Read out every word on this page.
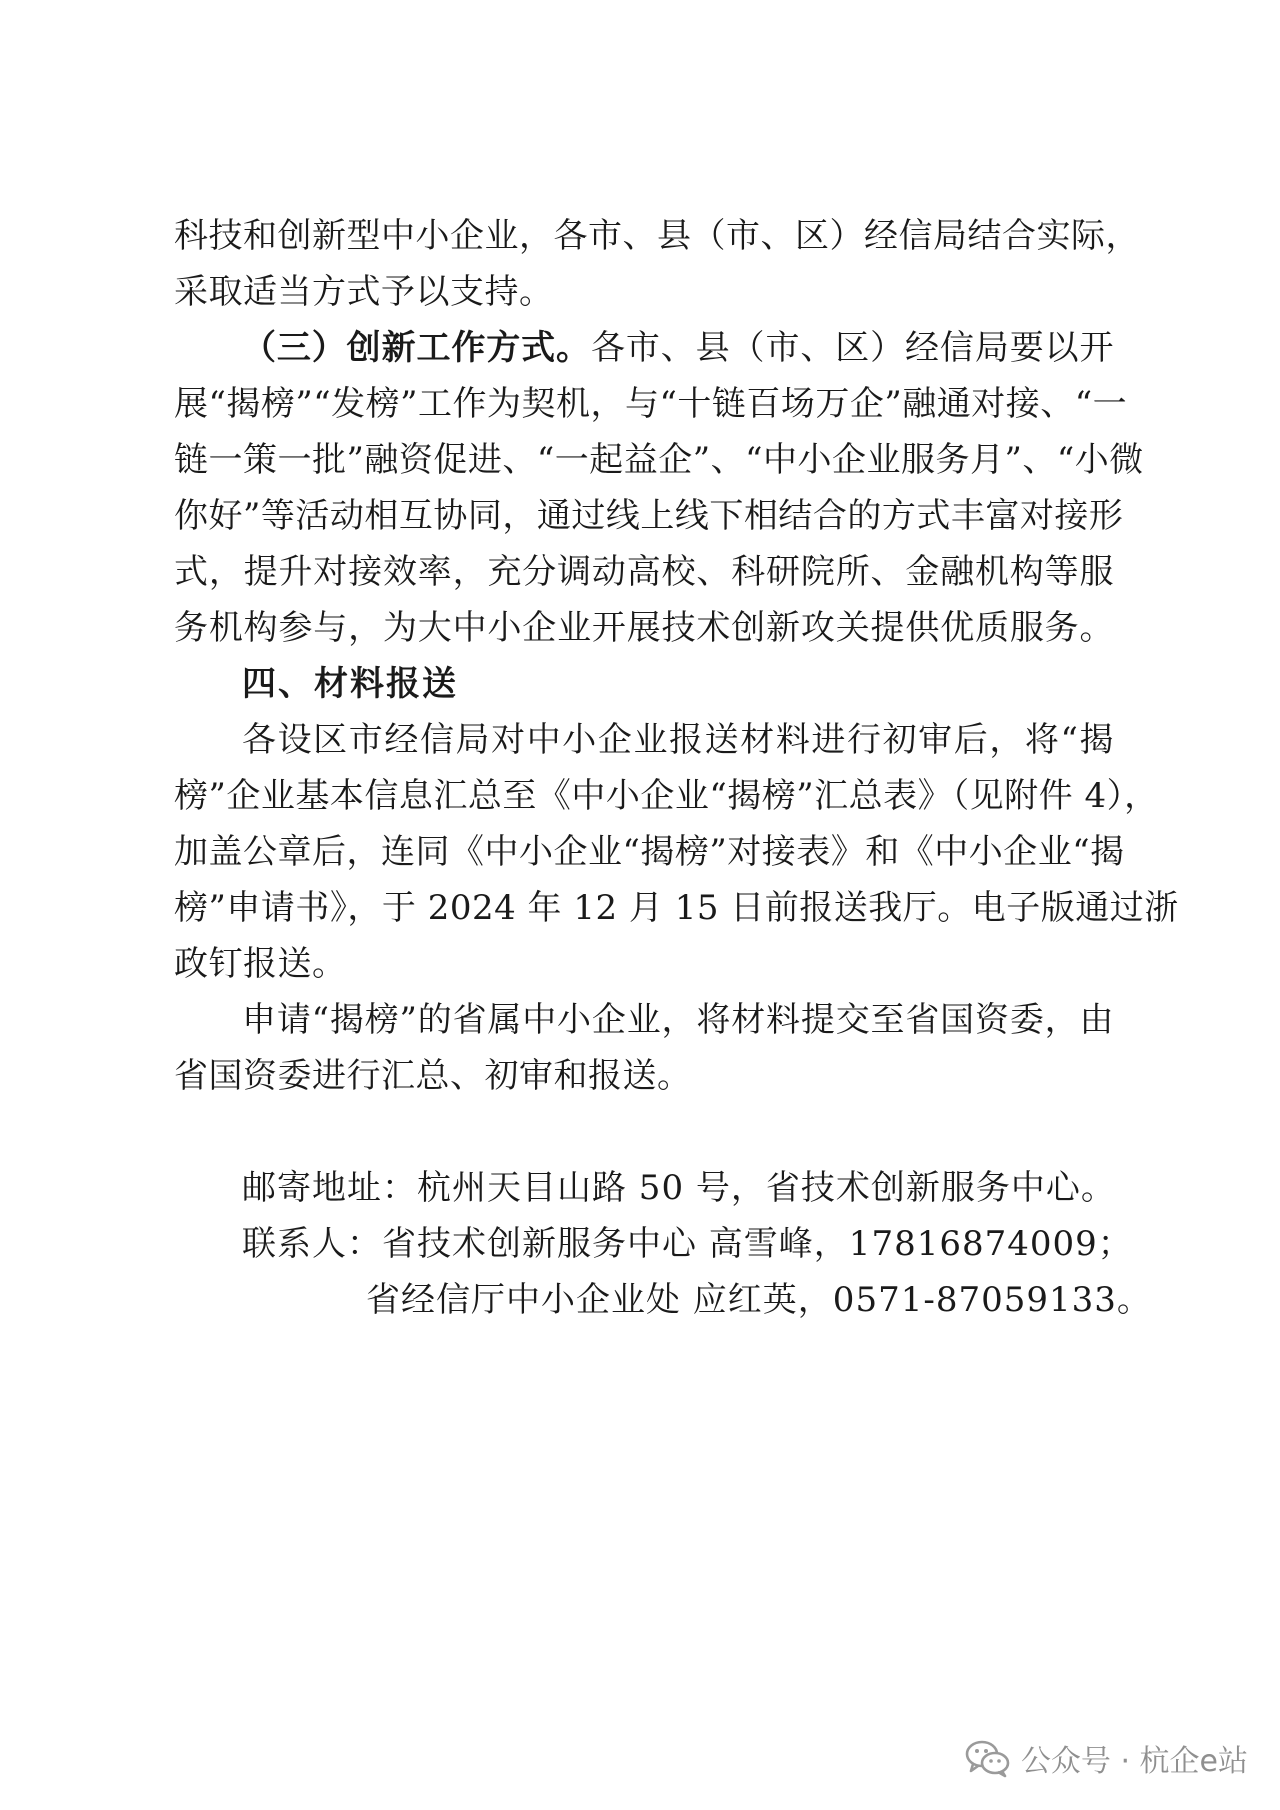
科技和创新型中小企业，各市、县（市、区）经信局结合实际，
采取适当方式予以支持。
（三）创新工作方式。各市、县（市、区）经信局要以开
展“揭榜”“发榜”工作为契机，与“十链百场万企”融通对接、“一
链一策一批”融资促进、“一起益企”、“中小企业服务月”、“小微
你好”等活动相互协同，通过线上线下相结合的方式丰富对接形
式，提升对接效率，充分调动高校、科研院所、金融机构等服
务机构参与，为大中小企业开展技术创新攻关提供优质服务。
四、材料报送
各设区市经信局对中小企业报送材料进行初审后，将“揭
榜”企业基本信息汇总至《中小企业“揭榜”汇总表》（见附件 4），
加盖公章后，连同《中小企业“揭榜”对接表》和《中小企业“揭
榜”申请书》，于 2024 年 12 月 15 日前报送我厅。电子版通过浙
政钉报送。
申请“揭榜”的省属中小企业，将材料提交至省国资委，由
省国资委进行汇总、初审和报送。
邮寄地址：杭州天目山路 50 号，省技术创新服务中心。
联系人：省技术创新服务中心 高雪峰，17816874009；
省经信厅中小企业处 应红英，0571-87059133。
公众号 · 杭企e站
